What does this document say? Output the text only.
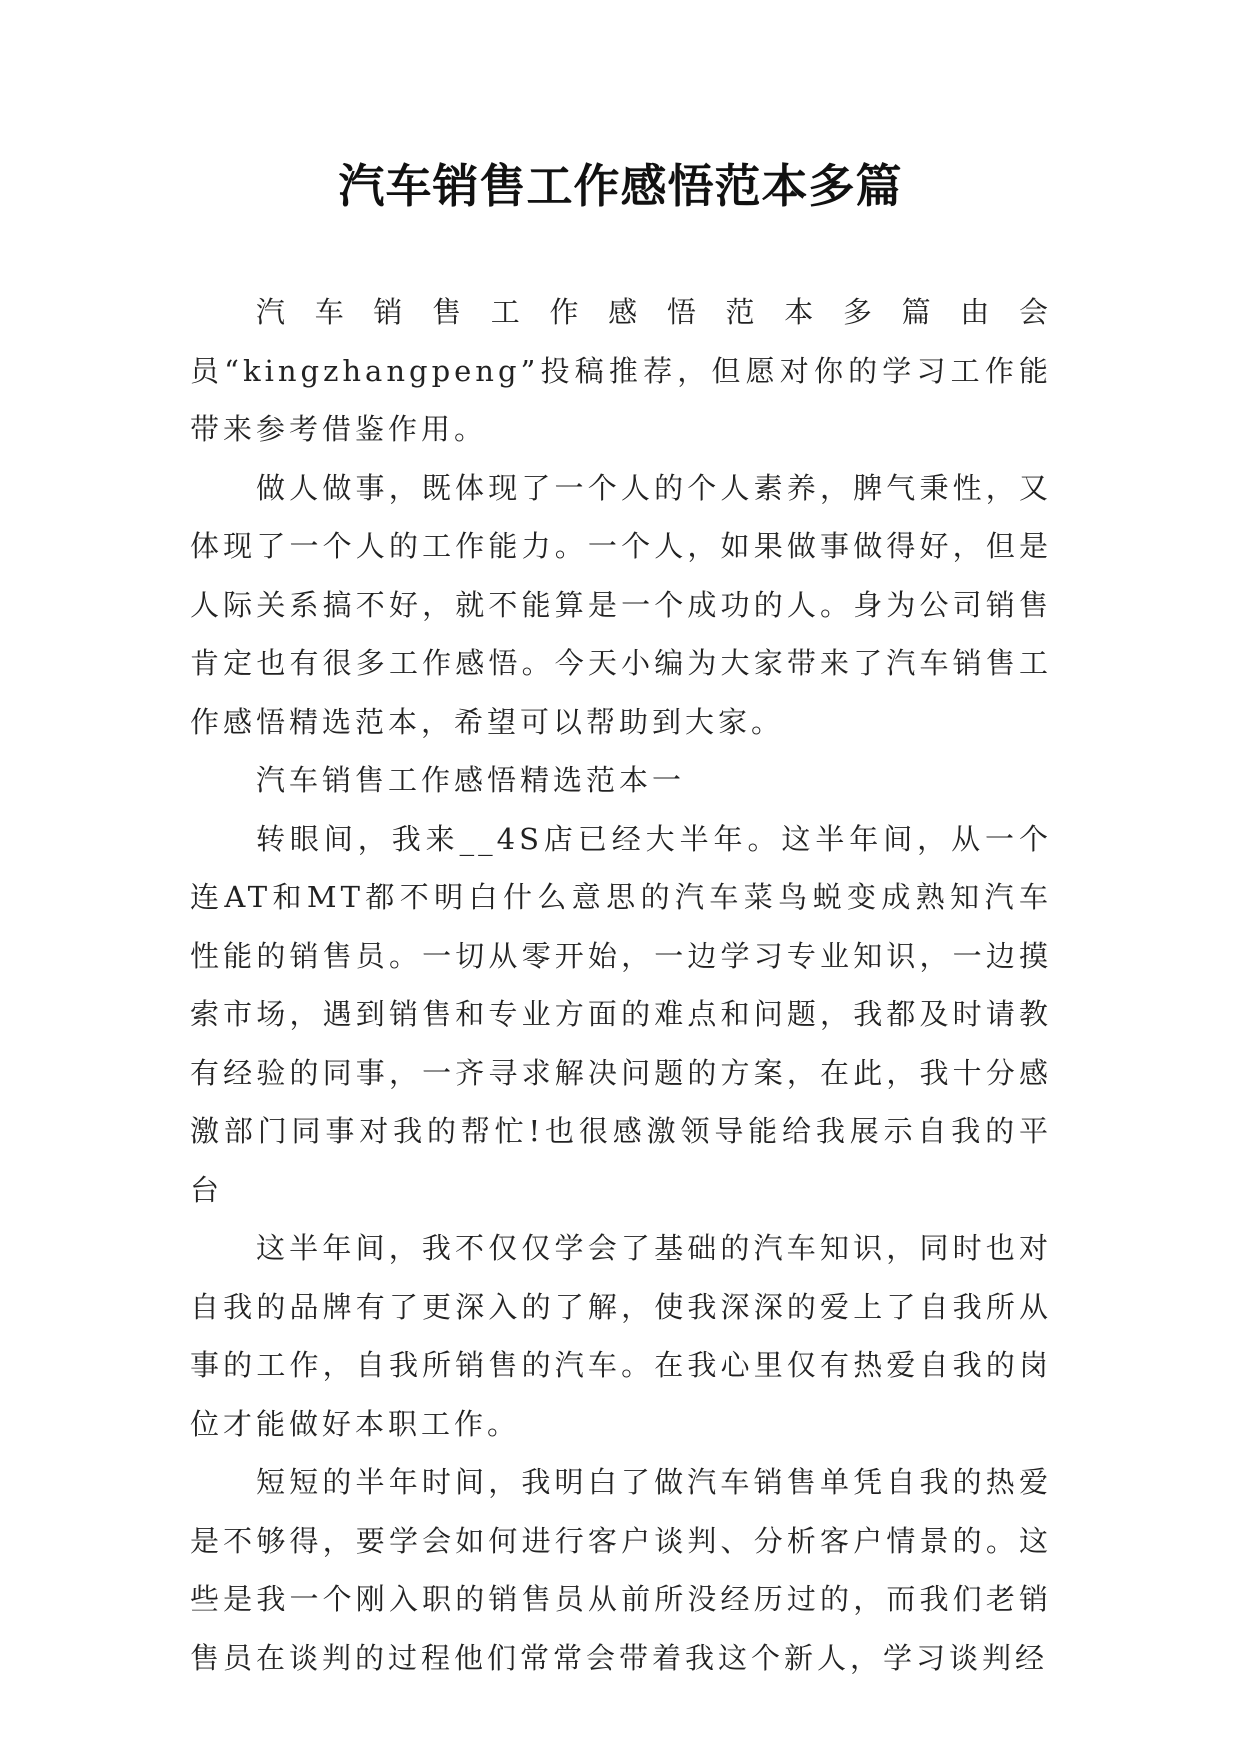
汽车销售工作感悟范本多篇

汽车销售工作感悟范本多篇由会员“kingzhangpeng”投稿推荐，但愿对你的学习工作能带来参考借鉴作用。

做人做事，既体现了一个人的个人素养，脾气秉性，又体现了一个人的工作能力。一个人，如果做事做得好，但是人际关系搞不好，就不能算是一个成功的人。身为公司销售肯定也有很多工作感悟。今天小编为大家带来了汽车销售工作感悟精选范本，希望可以帮助到大家。

汽车销售工作感悟精选范本一

转眼间，我来__4S店已经大半年。这半年间，从一个连AT和MT都不明白什么意思的汽车菜鸟蜕变成熟知汽车性能的销售员。一切从零开始，一边学习专业知识，一边摸索市场，遇到销售和专业方面的难点和问题，我都及时请教有经验的同事，一齐寻求解决问题的方案，在此，我十分感激部门同事对我的帮忙!也很感激领导能给我展示自我的平台

这半年间，我不仅仅学会了基础的汽车知识，同时也对自我的品牌有了更深入的了解，使我深深的爱上了自我所从事的工作，自我所销售的汽车。在我心里仅有热爱自我的岗位才能做好本职工作。

短短的半年时间，我明白了做汽车销售单凭自我的热爱是不够得，要学会如何进行客户谈判、分析客户情景的。这些是我一个刚入职的销售员从前所没经历过的，而我们老销售员在谈判的过程他们常常会带着我这个新人，学习谈判经
